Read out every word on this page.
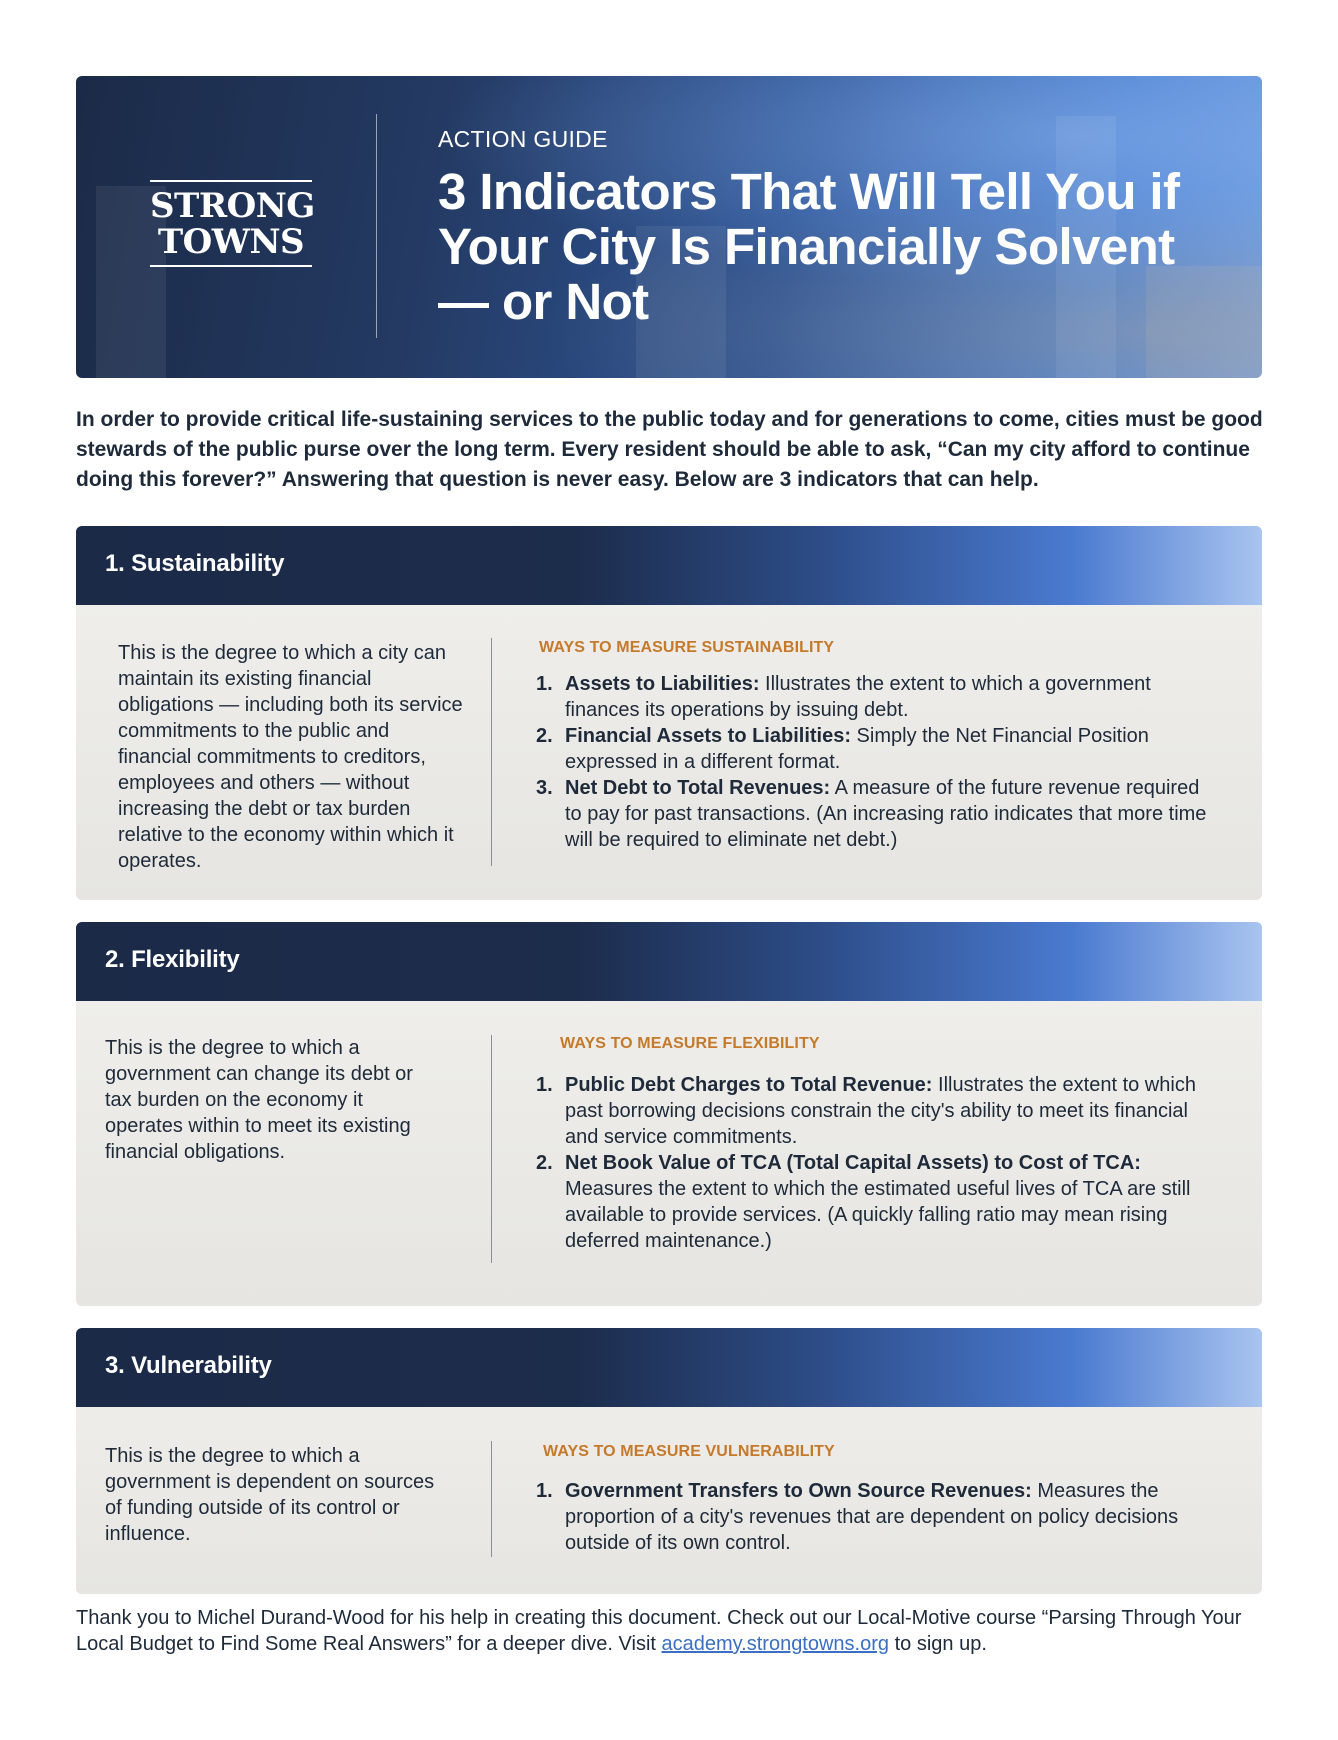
STRONG
TOWNS
ACTION GUIDE
3 Indicators That Will Tell You if Your City Is Financially Solvent — or Not
In order to provide critical life-sustaining services to the public today and for generations to come, cities must be good stewards of the public purse over the long term. Every resident should be able to ask, “Can my city afford to continue doing this forever?” Answering that question is never easy. Below are 3 indicators that can help.
1. Sustainability
This is the degree to which a city can maintain its existing financial obligations — including both its service commitments to the public and financial commitments to creditors, employees and others — without increasing the debt or tax burden relative to the economy within which it operates.
WAYS TO MEASURE SUSTAINABILITY
1. Assets to Liabilities: Illustrates the extent to which a government finances its operations by issuing debt.
2. Financial Assets to Liabilities: Simply the Net Financial Position expressed in a different format.
3. Net Debt to Total Revenues: A measure of the future revenue required to pay for past transactions. (An increasing ratio indicates that more time will be required to eliminate net debt.)
2. Flexibility
This is the degree to which a government can change its debt or tax burden on the economy it operates within to meet its existing financial obligations.
WAYS TO MEASURE FLEXIBILITY
1. Public Debt Charges to Total Revenue: Illustrates the extent to which past borrowing decisions constrain the city's ability to meet its financial and service commitments.
2. Net Book Value of TCA (Total Capital Assets) to Cost of TCA: Measures the extent to which the estimated useful lives of TCA are still available to provide services. (A quickly falling ratio may mean rising deferred maintenance.)
3. Vulnerability
This is the degree to which a government is dependent on sources of funding outside of its control or influence.
WAYS TO MEASURE VULNERABILITY
1. Government Transfers to Own Source Revenues: Measures the proportion of a city's revenues that are dependent on policy decisions outside of its own control.
Thank you to Michel Durand-Wood for his help in creating this document. Check out our Local-Motive course “Parsing Through Your Local Budget to Find Some Real Answers” for a deeper dive. Visit academy.strongtowns.org to sign up.
